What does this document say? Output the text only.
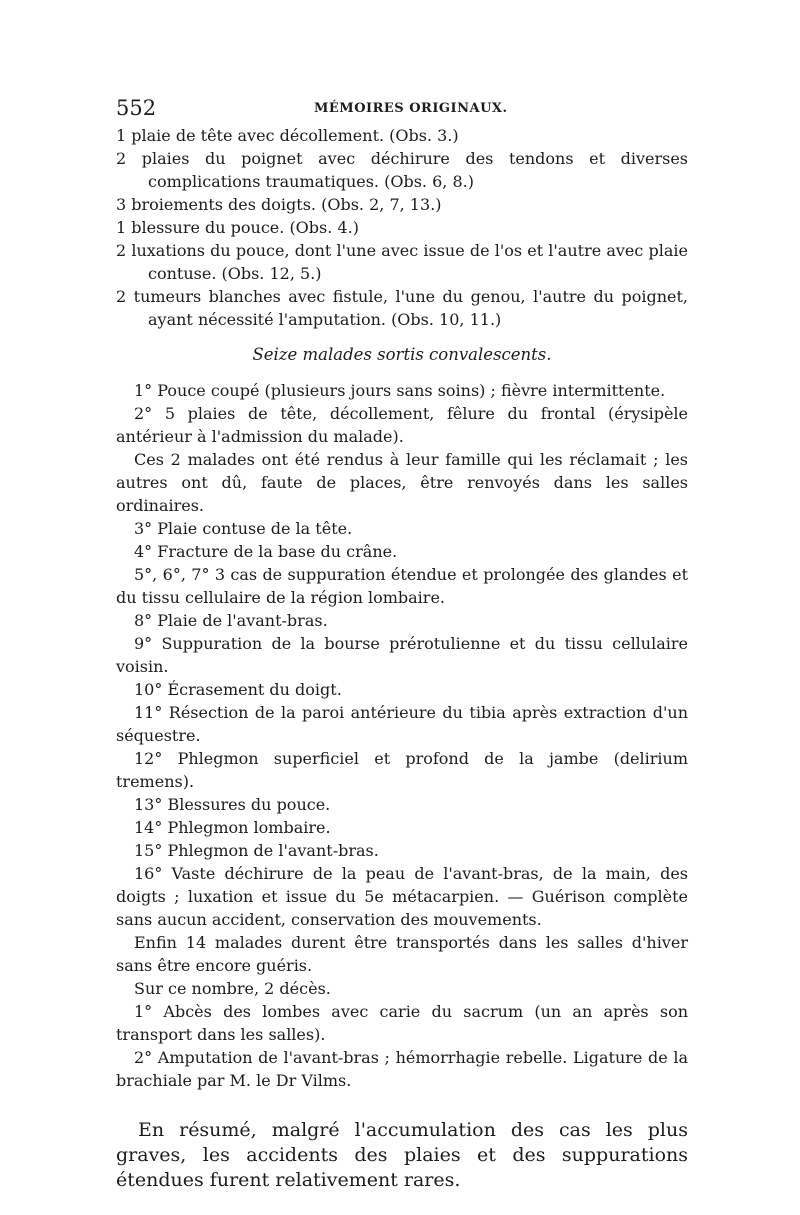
552	MÉMOIRES ORIGINAUX.

1 plaie de tête avec décollement. (Obs. 3.)

2 plaies du poignet avec déchirure des tendons et diverses complications traumatiques. (Obs. 6, 8.)

3 broiements des doigts. (Obs. 2, 7, 13.)

1 blessure du pouce. (Obs. 4.)

2 luxations du pouce, dont l'une avec issue de l'os et l'autre avec plaie contuse. (Obs. 12, 5.)

2 tumeurs blanches avec fistule, l'une du genou, l'autre du poignet, ayant nécessité l'amputation. (Obs. 10, 11.)

Seize malades sortis convalescents.

1° Pouce coupé (plusieurs jours sans soins) ; fièvre intermittente.

2° 5 plaies de tête, décollement, fêlure du frontal (érysipèle antérieur à l'admission du malade).

Ces 2 malades ont été rendus à leur famille qui les réclamait ; les autres ont dû, faute de places, être renvoyés dans les salles ordinaires.

3° Plaie contuse de la tête.

4° Fracture de la base du crâne.

5°, 6°, 7° 3 cas de suppuration étendue et prolongée des glandes et du tissu cellulaire de la région lombaire.

8° Plaie de l'avant-bras.

9° Suppuration de la bourse prérotulienne et du tissu cellulaire voisin.

10° Écrasement du doigt.

11° Résection de la paroi antérieure du tibia après extraction d'un séquestre.

12° Phlegmon superficiel et profond de la jambe (delirium tremens).

13° Blessures du pouce.

14° Phlegmon lombaire.

15° Phlegmon de l'avant-bras.

16° Vaste déchirure de la peau de l'avant-bras, de la main, des doigts ; luxation et issue du 5e métacarpien. — Guérison complète sans aucun accident, conservation des mouvements.

Enfin 14 malades durent être transportés dans les salles d'hiver sans être encore guéris.

Sur ce nombre, 2 décès.

1° Abcès des lombes avec carie du sacrum (un an après son transport dans les salles).

2° Amputation de l'avant-bras ; hémorrhagie rebelle. Ligature de la brachiale par M. le Dr Vilms.

En résumé, malgré l'accumulation des cas les plus graves, les accidents des plaies et des suppurations étendues furent relativement rares.
